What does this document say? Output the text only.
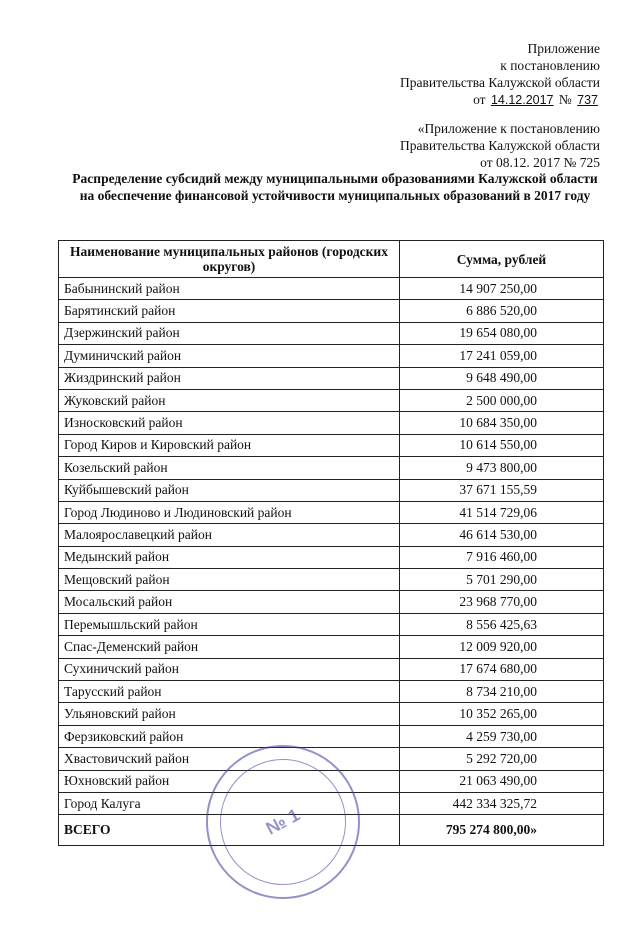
Приложение
к постановлению
Правительства Калужской области
от 14.12.2017 № 737
«Приложение к постановлению
Правительства Калужской области
от 08.12. 2017 № 725
Распределение субсидий между муниципальными образованиями Калужской области на обеспечение финансовой устойчивости муниципальных образований в 2017 году
Наименование муниципальных районов (городских округов)	Сумма, рублей
Бабынинский район	14 907 250,00
Барятинский район	6 886 520,00
Дзержинский район	19 654 080,00
Думиничский район	17 241 059,00
Жиздринский район	9 648 490,00
Жуковский район	2 500 000,00
Износковский район	10 684 350,00
Город Киров и Кировский район	10 614 550,00
Козельский район	9 473 800,00
Куйбышевский район	37 671 155,59
Город Людиново и Людиновский район	41 514 729,06
Малоярославецкий район	46 614 530,00
Медынский район	7 916 460,00
Мещовский район	5 701 290,00
Мосальский район	23 968 770,00
Перемышльский район	8 556 425,63
Спас-Деменский район	12 009 920,00
Сухиничский район	17 674 680,00
Тарусский район	8 734 210,00
Ульяновский район	10 352 265,00
Ферзиковский район	4 259 730,00
Хвастовичский район	5 292 720,00
Юхновский район	21 063 490,00
Город Калуга	442 334 325,72
ВСЕГО	795 274 800,00»
№ 1
